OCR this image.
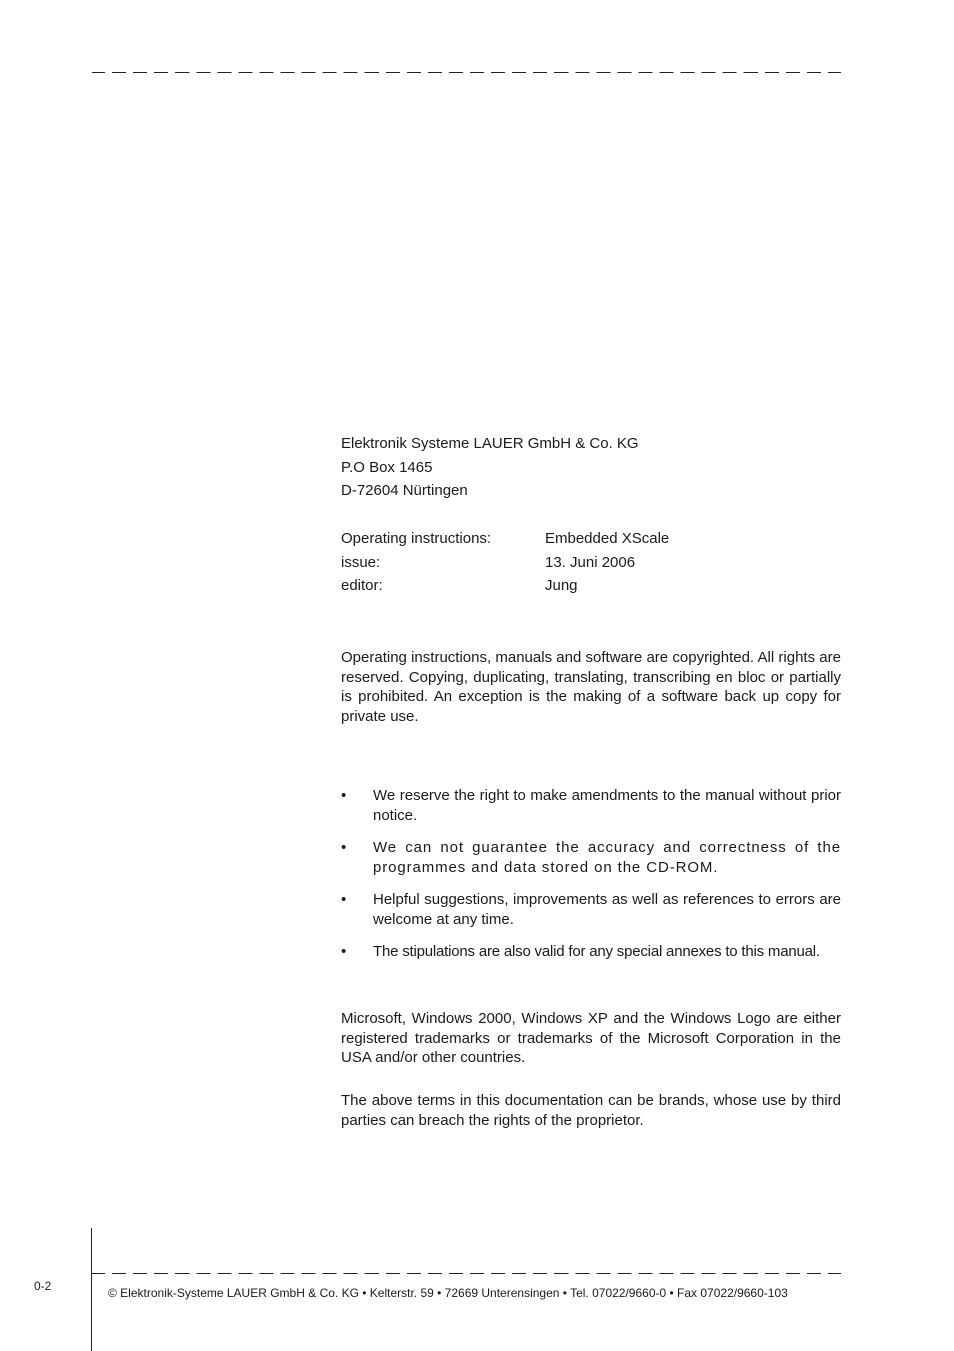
Elektronik Systeme LAUER GmbH & Co. KG
P.O Box 1465
D-72604 Nürtingen
Operating instructions:	Embedded XScale
issue:	13. Juni 2006
editor:	Jung
Operating instructions, manuals and software are copyrighted. All rights are reserved. Copying, duplicating, translating, transcribing en bloc or partially is prohibited. An exception is the making of a software back up copy for private use.
•	We reserve the right to make amendments to the manual without prior notice.
•	We can not guarantee the accuracy and correctness of the programmes and data stored on the CD-ROM.
•	Helpful suggestions, improvements as well as references to errors are welcome at any time.
•	The stipulations are also valid for any special annexes to this manual.
Microsoft, Windows 2000, Windows XP and the Windows Logo are either registered trademarks or trademarks of the Microsoft Corporation in the USA and/or other countries.
The above terms in this documentation can be brands, whose use by third parties can breach the rights of the proprietor.
0-2	© Elektronik-Systeme LAUER GmbH & Co. KG • Kelterstr. 59 • 72669 Unterensingen • Tel. 07022/9660-0 • Fax 07022/9660-103
